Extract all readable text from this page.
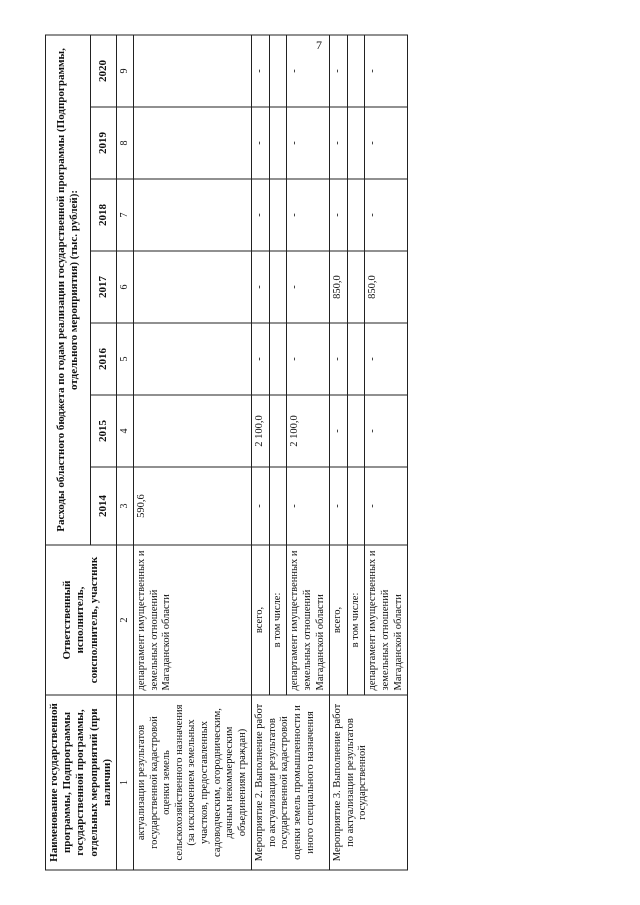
7
Наименование государственной программы, Подпрограммы государственной программы, отдельных мероприятий (при наличии)	Ответственный исполнитель, соисполнитель, участник	Расходы областного бюджета по годам реализации государственной программы (Подпрограммы, отдельного мероприятия) (тыс. рублей):						
		2014	2015	2016	2017	2018	2019	2020
1	2	3	4	5	6	7	8	9
актуализации результатов государственной кадастровой оценки земель сельскохозяйственного назначения (за исключением земельных участков, предоставленных садоводческим, огородническим, дачным некоммерческим объединениям граждан)	департамент имущественных и земельных отношений Магаданской области	590,6						
Мероприятие 2. Выполнение работ по актуализации результатов государственной кадастровой оценки земель промышленности и иного специального назначения	всего,	-	2 100,0	-	-	-	-	-
	в том числе:							
	департамент имущественных и земельных отношений Магаданской области	-	2 100,0	-	-	-	-	-
Мероприятие 3. Выполнение работ по актуализации результатов государственной	всего,	-	-	-	850,0	-	-	-
	в том числе:							
	департамент имущественных и земельных отношений Магаданской области	-	-	-	850,0	-	-	-
